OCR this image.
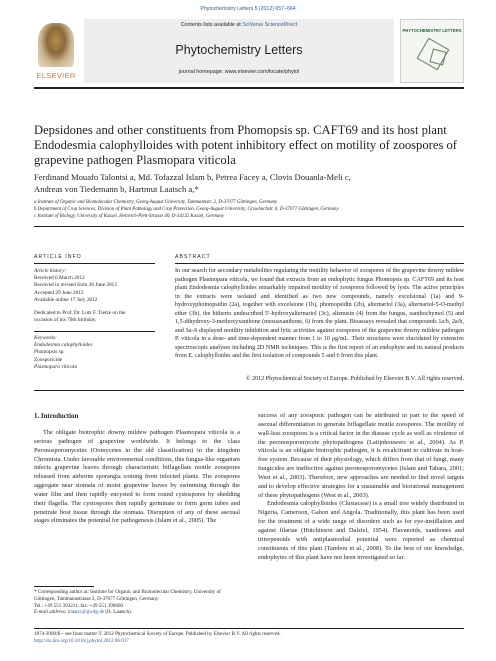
Phytochemistry Letters 5 (2012) 657–664
ELSEVIER
Contents lists available at SciVerse ScienceDirect
Phytochemistry Letters
journal homepage: www.elsevier.com/locate/phytol
PHYTOCHEMISTRY LETTERS
Depsidones and other constituents from Phomopsis sp. CAFT69 and its host plant
Endodesmia calophylloides with potent inhibitory effect on motility of zoospores of
grapevine pathogen Plasmopara viticola
Ferdinand Mouafo Talontsi a, Md. Tofazzal Islam b, Petrea Facey a, Clovis Douanla-Meli c,
Andreas von Tiedemann b, Hartmut Laatsch a,*
a Institute of Organic and Biomolecular Chemistry, Georg-August University, Tammannstr. 2, D-37077 Göttingen, Germany
b Department of Crop Sciences, Division of Plant Pathology and Crop Protection, Georg-August University, Grisebachstr. 6, D-37077 Göttingen, Germany
c Institute of Biology, University of Kassel, Heinrich-Plett-Strasse 40, D-34132 Kassel, Germany
ARTICLE INFO	ABSTRACT
Article history:
Received 6 March 2012
Received in revised form 26 June 2012
Accepted 29 June 2012
Available online 17 July 2012
Dedicated to Prof. Dr. Lutz F. Tietze on the occasion of his 70th birthday.
Keywords:
Endodesmia calophylloides
Phomopsis sp.
Zoosporicide
Plasmopara viticola
In our search for secondary metabolites regulating the motility behavior of zoospores of the grapevine downy mildew pathogen Plasmopara viticola, we found that extracts from an endophytic fungus Phomopsis sp. CAFT69 and its host plant Endodesmia calophylloides remarkably impaired motility of zoospores followed by lysis. The active principles in the extracts were isolated and identified as two new compounds, namely excelsional (1a) and 9-hydroxyphomopsidin (2a), together with excelsione (1b), phomopsidin (2b), alternariol (3a), alternariol-5-O-methyl ether (3b), the hitherto undescribed 5′-hydroxyalternariol (3c), altenusin (4) from the fungus, xanthochymol (5) and 1,5-dihydroxy-3-methoxyxanthone (mesuaxanthone, 6) from the plant. Bioassays revealed that compounds 1a/b, 2a/b, and 3a–6 displayed motility inhibition and lytic activities against zoospores of the grapevine downy mildew pathogen P. viticola in a dose- and time-dependent manner from 1 to 10 μg/mL. Their structures were elucidated by extensive spectroscopic analyses including 2D NMR techniques. This is the first report of an endophyte and its natural products from E. calophylloides and the first isolation of compounds 5 and 6 from this plant.
© 2012 Phytochemical Society of Europe. Published by Elsevier B.V. All rights reserved.
1. Introduction

The obligate biotrophic downy mildew pathogen Plasmopara viticola is a serious pathogen of grapevine worldwide. It belongs to the class Peronosporomycetes (Oomycetes in the old classification) in the kingdom Chromista. Under favorable environmental conditions, this fungus-like organism infects grapevine leaves through characteristic biflagellate motile zoospores released from airborne sporangia coming from infected plants. The zoospores aggregate near stomata of moist grapevine leaves by swimming through the water film and then rapidly encysted to form round cystospores by shedding their flagella. The cystospores then rapidly germinate to form germ tubes and penetrate host tissue through the stomata. Disruption of any of these asexual stages eliminates the potential for pathogenesis (Islam et al., 2005). The

success of any zoosporic pathogen can be attributed in part to the speed of asexual differentiation to generate biflagellate motile zoospores. The motility of wall-less zoospores is a critical factor in the disease cycle as well as virulence of the peronosporomycete phytopathogens (Latijnhouwers et al., 2004). As P. viticola is an obligate biotrophic pathogen, it is recalcitrant to cultivate in host-free system. Because of their physiology, which differs from that of fungi, many fungicides are ineffective against peronosporomycetes (Islam and Tahara, 2001; West et al., 2003). Therefore, new approaches are needed to find novel targets and to develop effective strategies for a sustainable and biorational management of these phytopathogens (West et al., 2003).

Endodesmia calophylloides (Clusiaceae) is a small tree widely distributed in Nigeria, Cameroon, Gabon and Angola. Traditionally, this plant has been used for the treatment of a wide range of disorders such as for eye-instillation and against filariae (Hutchinson and Dalziel, 1954). Flavanoids, xanthones and triterpenoids with antiplasmodial potential were reported as chemical constituents of this plant (Tambou et al., 2008). To the best of our knowledge, endophytes of this plant have not been investigated so far.

* Corresponding author at: Institute for Organic and Biomolecular Chemistry, University of Göttingen, Tammannstrasse 2, D-37077 Göttingen, Germany.
Tel.: +49 551 393211; fax: +49 551 399660.
E-mail address: hlaatsc@gwdg.de (H. Laatsch).
1874-3900/$ – see front matter © 2012 Phytochemical Society of Europe. Published by Elsevier B.V. All rights reserved.
http://dx.doi.org/10.1016/j.phytol.2012.06.017
